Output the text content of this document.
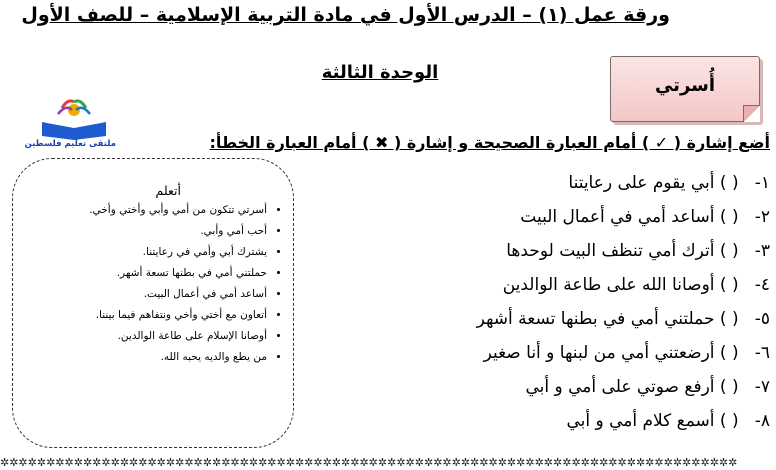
ورقة عمل (١) – الدرس الأول في مادة التربية الإسلامية – للصف الأول
الوحدة الثالثة
أُسرتي
ملتقى تعليم فلسطين	أضع إشارة ( ✓ ) أمام العبارة الصحيحة و إشارة ( ✖ ) أمام العبارة الخطأ:
١- ( ) أبي يقوم على رعايتنا
٢- ( ) أساعد أمي في أعمال البيت
٣- ( ) أترك أمي تنظف البيت لوحدها
٤- ( ) أوصانا الله على طاعة الوالدين
٥- ( ) حملتني أمي في بطنها تسعة أشهر
٦- ( ) أرضعتني أمي من لبنها و أنا صغير
٧- ( ) أرفع صوتي على أمي و أبي
٨- ( ) أسمع كلام أمي و أبي
أتعلم
• أسرتي تتكون من أمي وأبي وأختي وأخي.
• أحب أمي وأبي.
• يشترك أبي وأمي في رعايتنا.
• حملتني أمي في بطنها تسعة أشهر.
• أساعد أمي في أعمال البيت.
• أتعاون مع أختي وأخي ونتفاهم فيما بيننا.
• أوصانا الإسلام على طاعة الوالدين.
• من يطع والديه يحبه الله.
✲✲✲✲✲✲✲✲✲✲✲✲✲✲✲✲✲✲✲✲✲✲✲✲✲✲✲✲✲✲✲✲✲✲✲✲✲✲✲✲✲✲✲✲✲✲✲✲✲✲✲✲✲✲✲✲✲✲✲✲✲✲✲✲✲✲✲✲✲✲✲✲✲✲✲✲✲✲✲✲
